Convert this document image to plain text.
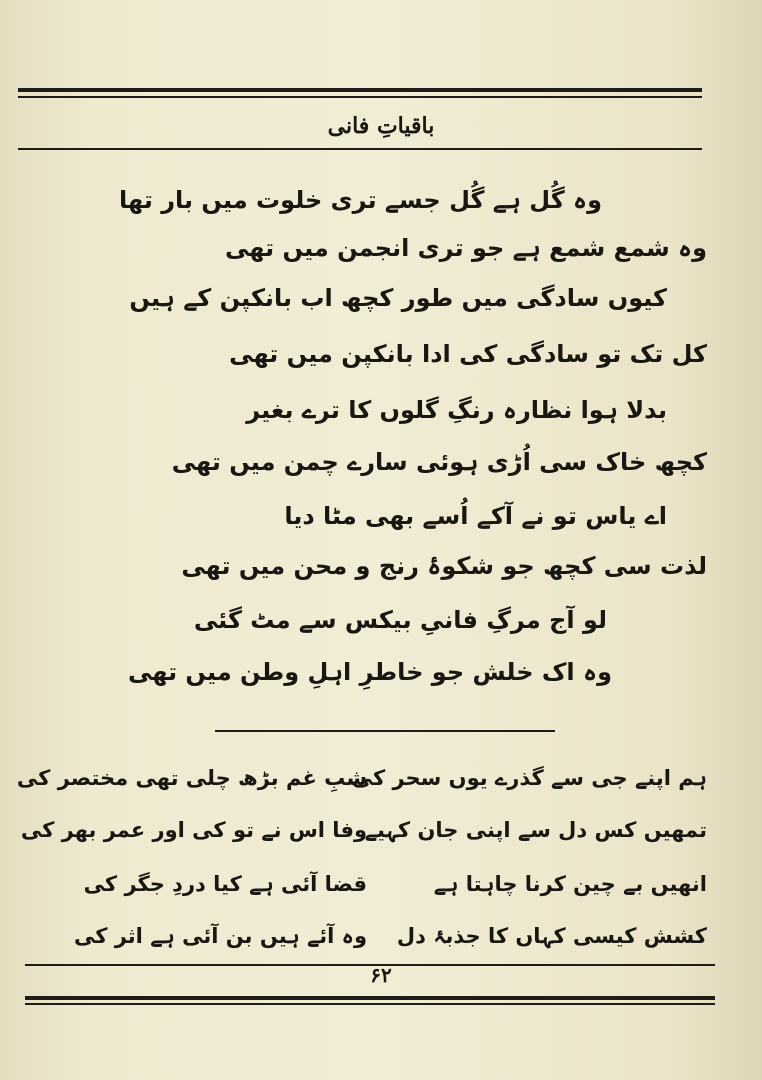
باقیاتِ فانی
وہ گُل ہے گُل جسے تری خلوت میں بار تھا
وہ شمع شمع ہے جو تری انجمن میں تھی
کیوں سادگی میں طور کچھ اب بانکپن کے ہیں
کل تک تو سادگی کی ادا بانکپن میں تھی
بدلا ہوا نظارہ رنگِ گلوں کا ترے بغیر
کچھ خاک سی اُڑی ہوئی سارے چمن میں تھی
اے یاس تو نے آکے اُسے بھی مٹا دیا
لذت سی کچھ جو شکوۂ رنج و محن میں تھی
لو آج مرگِ فانیِ بیکس سے مٹ گئی
وہ اک خلش جو خاطرِ اہلِ وطن میں تھی
ہم اپنے جی سے گذرے یوں سحر کی
تمھیں کس دل سے اپنی جان کہیے
انھیں بے چین کرنا چاہتا ہے
کشش کیسی کہاں کا جذبۂ دل
شبِ غم بڑھ چلی تھی مختصر کی
وفا اس نے تو کی اور عمر بھر کی
قضا آئی ہے کیا دردِ جگر کی
وہ آئے ہیں بن آئی ہے اثر کی
۶۲
